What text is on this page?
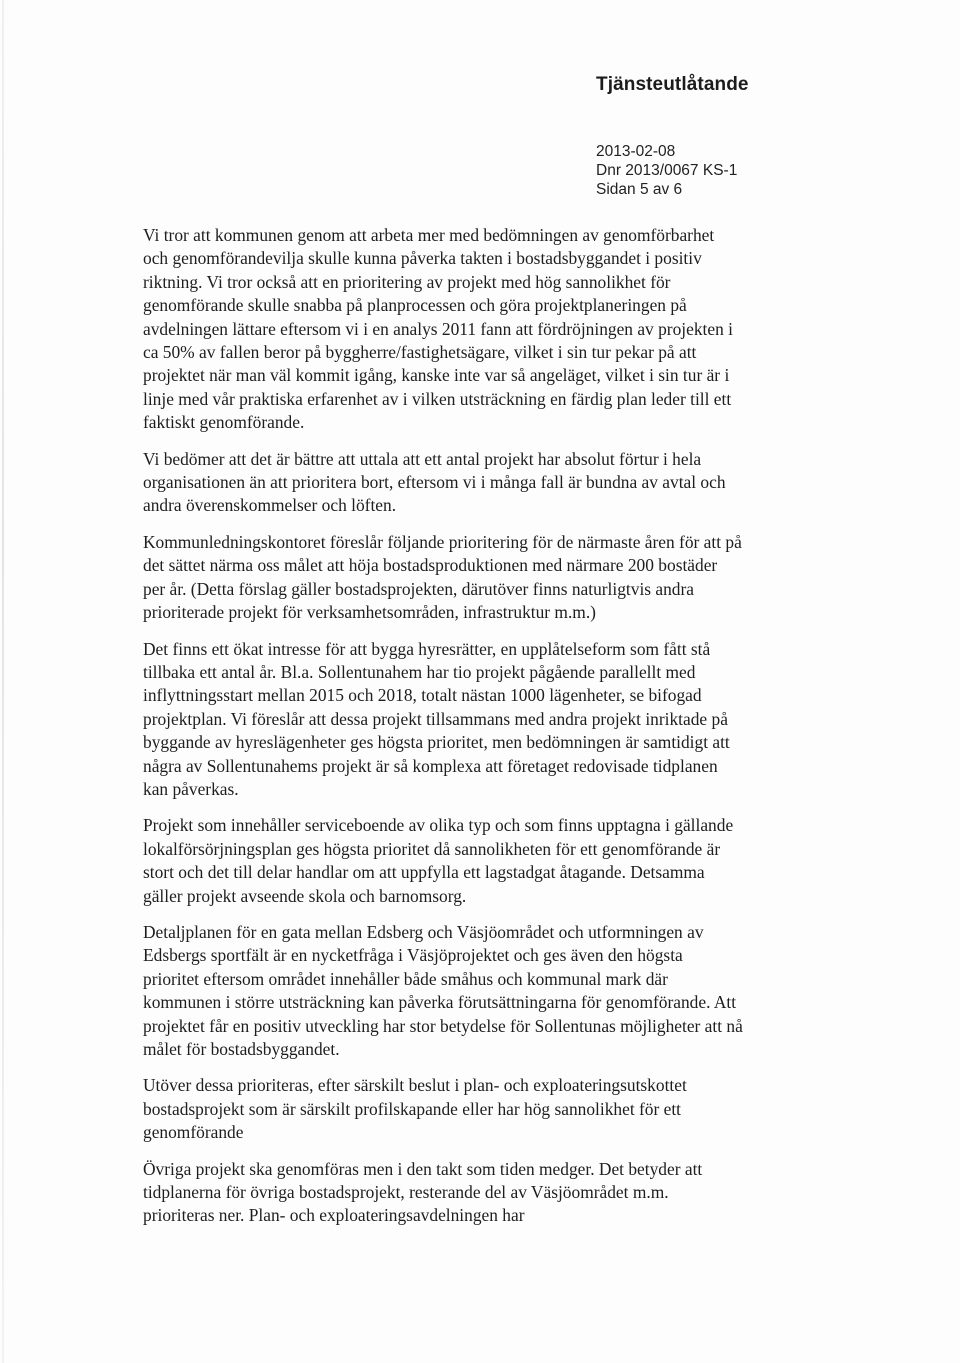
Tjänsteutlåtande
2013-02-08
Dnr 2013/0067 KS-1
Sidan 5 av 6

Vi tror att kommunen genom att arbeta mer med bedömningen av genomförbarhet och genomförandevilja skulle kunna påverka takten i bostadsbyggandet i positiv riktning. Vi tror också att en prioritering av projekt med hög sannolikhet för genomförande skulle snabba på planprocessen och göra projektplaneringen på avdelningen lättare eftersom vi i en analys 2011 fann att fördröjningen av projekten i ca 50% av fallen beror på byggherre/fastighetsägare, vilket i sin tur pekar på att projektet när man väl kommit igång, kanske inte var så angeläget, vilket i sin tur är i linje med vår praktiska erfarenhet av i vilken utsträckning en färdig plan leder till ett faktiskt genomförande.

Vi bedömer att det är bättre att uttala att ett antal projekt har absolut förtur i hela organisationen än att prioritera bort, eftersom vi i många fall är bundna av avtal och andra överenskommelser och löften.

Kommunledningskontoret föreslår följande prioritering för de närmaste åren för att på det sättet närma oss målet att höja bostadsproduktionen med närmare 200 bostäder per år. (Detta förslag gäller bostadsprojekten, därutöver finns naturligtvis andra prioriterade projekt för verksamhetsområden, infrastruktur m.m.)

Det finns ett ökat intresse för att bygga hyresrätter, en upplåtelseform som fått stå tillbaka ett antal år. Bl.a. Sollentunahem har tio projekt pågående parallellt med inflyttningsstart mellan 2015 och 2018, totalt nästan 1000 lägenheter, se bifogad projektplan. Vi föreslår att dessa projekt tillsammans med andra projekt inriktade på byggande av hyreslägenheter ges högsta prioritet, men bedömningen är samtidigt att några av Sollentunahems projekt är så komplexa att företaget redovisade tidplanen kan påverkas.

Projekt som innehåller serviceboende av olika typ och som finns upptagna i gällande lokalförsörjningsplan ges högsta prioritet då sannolikheten för ett genomförande är stort och det till delar handlar om att uppfylla ett lagstadgat åtagande. Detsamma gäller projekt avseende skola och barnomsorg.

Detaljplanen för en gata mellan Edsberg och Väsjöområdet och utformningen av Edsbergs sportfält är en nycketfråga i Väsjöprojektet och ges även den högsta prioritet eftersom området innehåller både småhus och kommunal mark där kommunen i större utsträckning kan påverka förutsättningarna för genomförande. Att projektet får en positiv utveckling har stor betydelse för Sollentunas möjligheter att nå målet för bostadsbyggandet.

Utöver dessa prioriteras, efter särskilt beslut i plan- och exploateringsutskottet bostadsprojekt som är särskilt profilskapande eller har hög sannolikhet för ett genomförande

Övriga projekt ska genomföras men i den takt som tiden medger. Det betyder att tidplanerna för övriga bostadsprojekt, resterande del av Väsjöområdet m.m. prioriteras ner. Plan- och exploateringsavdelningen har
